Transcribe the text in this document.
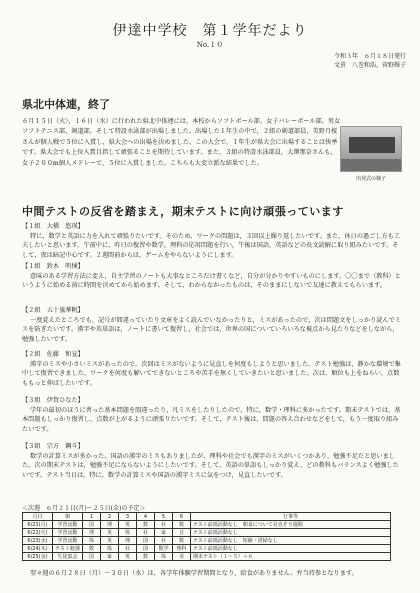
伊達中学校　第１学年だより
No.１０
令和３年　６月１８日発行
文責　八巻和浩，菅野輝子
県北中体連，終了
６月１５日（火），１６日（水）に行われた県北中体連には，本校からソフトボール部，女子バレーボール部，男女ソフトテニス部，剣道部，そして特設水泳部が出場しました。出場した１年生の中で，２組の剣道部員，美野月桜さんが個人戦で５位に入賞し，県大会への出場を決めました。この大会で，１年生が県大会に出場することは快挙です。県大会でも上位入賞目指して頑張ることを期待しています。また，３組の特設水泳部員，大澤那奈さんも，女子２００m個人メドレーで，５位に入賞しました。こちらも大変立派な結果でした。
出発式の様子
中間テストの反省を踏まえ，期末テストに向け頑張っています
【１組　大橋　悠瑛】
特に，数学と英語に力を入れて頑張りたいです。そのため，ワークの問題は，３回以上繰り返したいです。また，休日の過ごし方も工夫したいと思います。午前中に，昨日の復習や数学，理科の応用問題を行い，午後は国語，英語などの長文読解に取り組みたいです。そして，夜は暗記中心です。２週間前からは，ゲームをやらないようにします。
【１組　鈴木　明憧】
意味のある学習方法に変え，自主学習のノートも大事なところだけ書くなど，自分が分かりやすいものにします。〇〇まで（教科）というように始める前に時間を決めてから始めます。そして，わからなかったものは，そのままにしないで友達に教えてもらいます。
【２組　五十嵐華帆】
一度覚えたところでも，記号が間違っていたり文章をよく読んでいなかったりと，ミスがあったので，次は問題文をしっかり読んでミスを防ぎたいです。漢字や英単語は，ノートに書いて復習し，社会では，世界の国についていろいろな視点から見たりなどをしながら，勉強したいです。
【２組　佐藤　和宣】
漢字のミスや小さいミスがあったので，次回はミスがないように見直しを何度もしようと思いました。テスト勉強は，静かな環境で集中して復習できました。ワークを何度も解いてできないところや苦手を無くしていきたいと思いました。次は，順位も上をねらい，点数ももっと伸ばしたいです。
【３組　伊賀ひなた】
学年の最初のほうに習った基本問題を間違ったり，凡ミスをしたりしたので，特に，数学・理科に多かったです。期末テストでは，基本問題もしっかり復習し，点数が上がるように頑張りたいです。そして，テスト後は，問題の答え合わせなどをして，もう一度取り組みたいです。
【３組　宗方　鋼斗】
数学の計算ミスが多かった。国語の漢字のミスもありましたが，理科や社会でも漢字のミスがいくつかあり，勉強不足だと思いました。次の期末テストは，勉強不足にならないようにしたいです。そして，英語の単語もしっかり覚え，どの教科もバランスよく勉強したいです。テスト当日は，特に，数学の計算ミスや国語の漢字ミスに気をつけ，見直したいです。
＜次週　６月２１日(月)～２５日(金)の予定＞
月日	朝	1	2	3	4	5	6	行事等
6/21(月)	学習活動	国	理	英	数	社	数	テスト前部活動なし　朝食について見直そう週間
6/22(火)	学習活動	理	英	体	社	家	音	テスト前部活動なし
6/23(水)	学習活動	体	英	理	国	社	数	テスト前部活動なし　短縮・清掃なし
6/24(木)	テスト勉強	数	体	社	国	数学	理科	テスト前部活動なし
6/25(金)	生徒集会	国	家	英	数	体	美	期末テスト（１～５）＋６
翌々週の６月２８日（月）～３０日（水）は，各学年体験学習期間となり，給食がありません。弁当持参となります。
